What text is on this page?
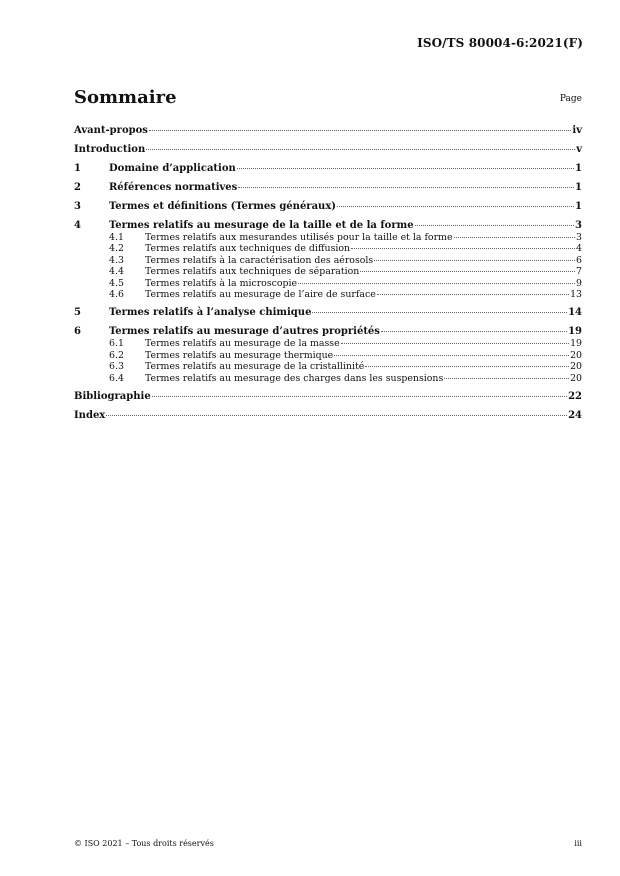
ISO/TS 80004-6:2021(F)
Sommaire	Page
Avant-propos	iv
Introduction	v
1	Domaine d’application	1
2	Références normatives	1
3	Termes et définitions (Termes généraux)	1
4	Termes relatifs au mesurage de la taille et de la forme	3
4.1	Termes relatifs aux mesurandes utilisés pour la taille et la forme	3
4.2	Termes relatifs aux techniques de diffusion	4
4.3	Termes relatifs à la caractérisation des aérosols	6
4.4	Termes relatifs aux techniques de séparation	7
4.5	Termes relatifs à la microscopie	9
4.6	Termes relatifs au mesurage de l’aire de surface	13
5	Termes relatifs à l’analyse chimique	14
6	Termes relatifs au mesurage d’autres propriétés	19
6.1	Termes relatifs au mesurage de la masse	19
6.2	Termes relatifs au mesurage thermique	20
6.3	Termes relatifs au mesurage de la cristallinité	20
6.4	Termes relatifs au mesurage des charges dans les suspensions	20
Bibliographie	22
Index	24
© ISO 2021 – Tous droits réservés	iii
